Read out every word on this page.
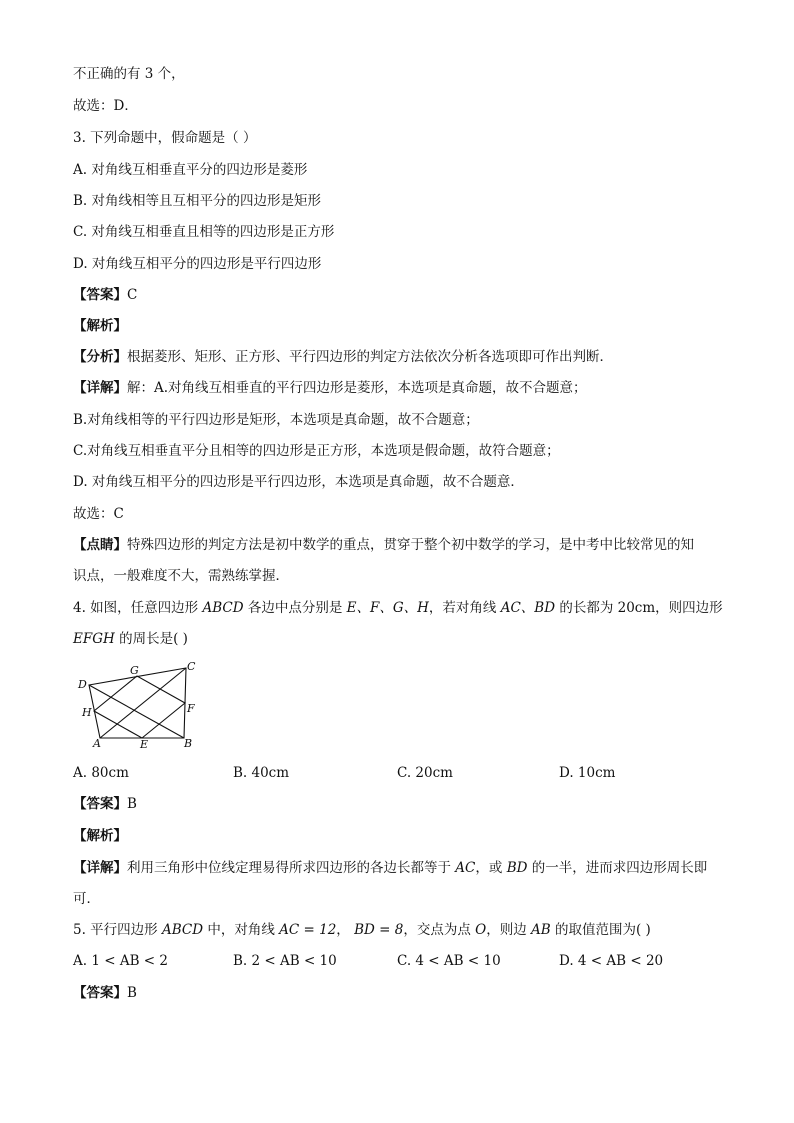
不正确的有 3 个，
故选：D．
3. 下列命题中，假命题是（ ）
A. 对角线互相垂直平分的四边形是菱形
B. 对角线相等且互相平分的四边形是矩形
C. 对角线互相垂直且相等的四边形是正方形
D. 对角线互相平分的四边形是平行四边形
【答案】C
【解析】
【分析】根据菱形、矩形、正方形、平行四边形的判定方法依次分析各选项即可作出判断．
【详解】解：A.对角线互相垂直的平行四边形是菱形，本选项是真命题，故不合题意；
B.对角线相等的平行四边形是矩形，本选项是真命题，故不合题意；
C.对角线互相垂直平分且相等的四边形是正方形，本选项是假命题，故符合题意；
D. 对角线互相平分的四边形是平行四边形，本选项是真命题，故不合题意．
故选：C
【点睛】特殊四边形的判定方法是初中数学的重点，贯穿于整个初中数学的学习，是中考中比较常见的知
识点，一般难度不大，需熟练掌握．
4. 如图，任意四边形 ABCD 各边中点分别是 E、F、G、H，若对角线 AC、BD 的长都为 20cm，则四边形
EFGH 的周长是( )
D
G	C
H	F
A	E	B
A. 80cm	B. 40cm	C. 20cm	D. 10cm
【答案】B
【解析】
【详解】利用三角形中位线定理易得所求四边形的各边长都等于 AC，或 BD 的一半，进而求四边形周长即
可．
5. 平行四边形 ABCD 中，对角线 AC = 12， BD = 8，交点为点 O，则边 AB 的取值范围为( )
A. 1 < AB < 2	B. 2 < AB < 10	C. 4 < AB < 10	D. 4 < AB < 20
【答案】B
